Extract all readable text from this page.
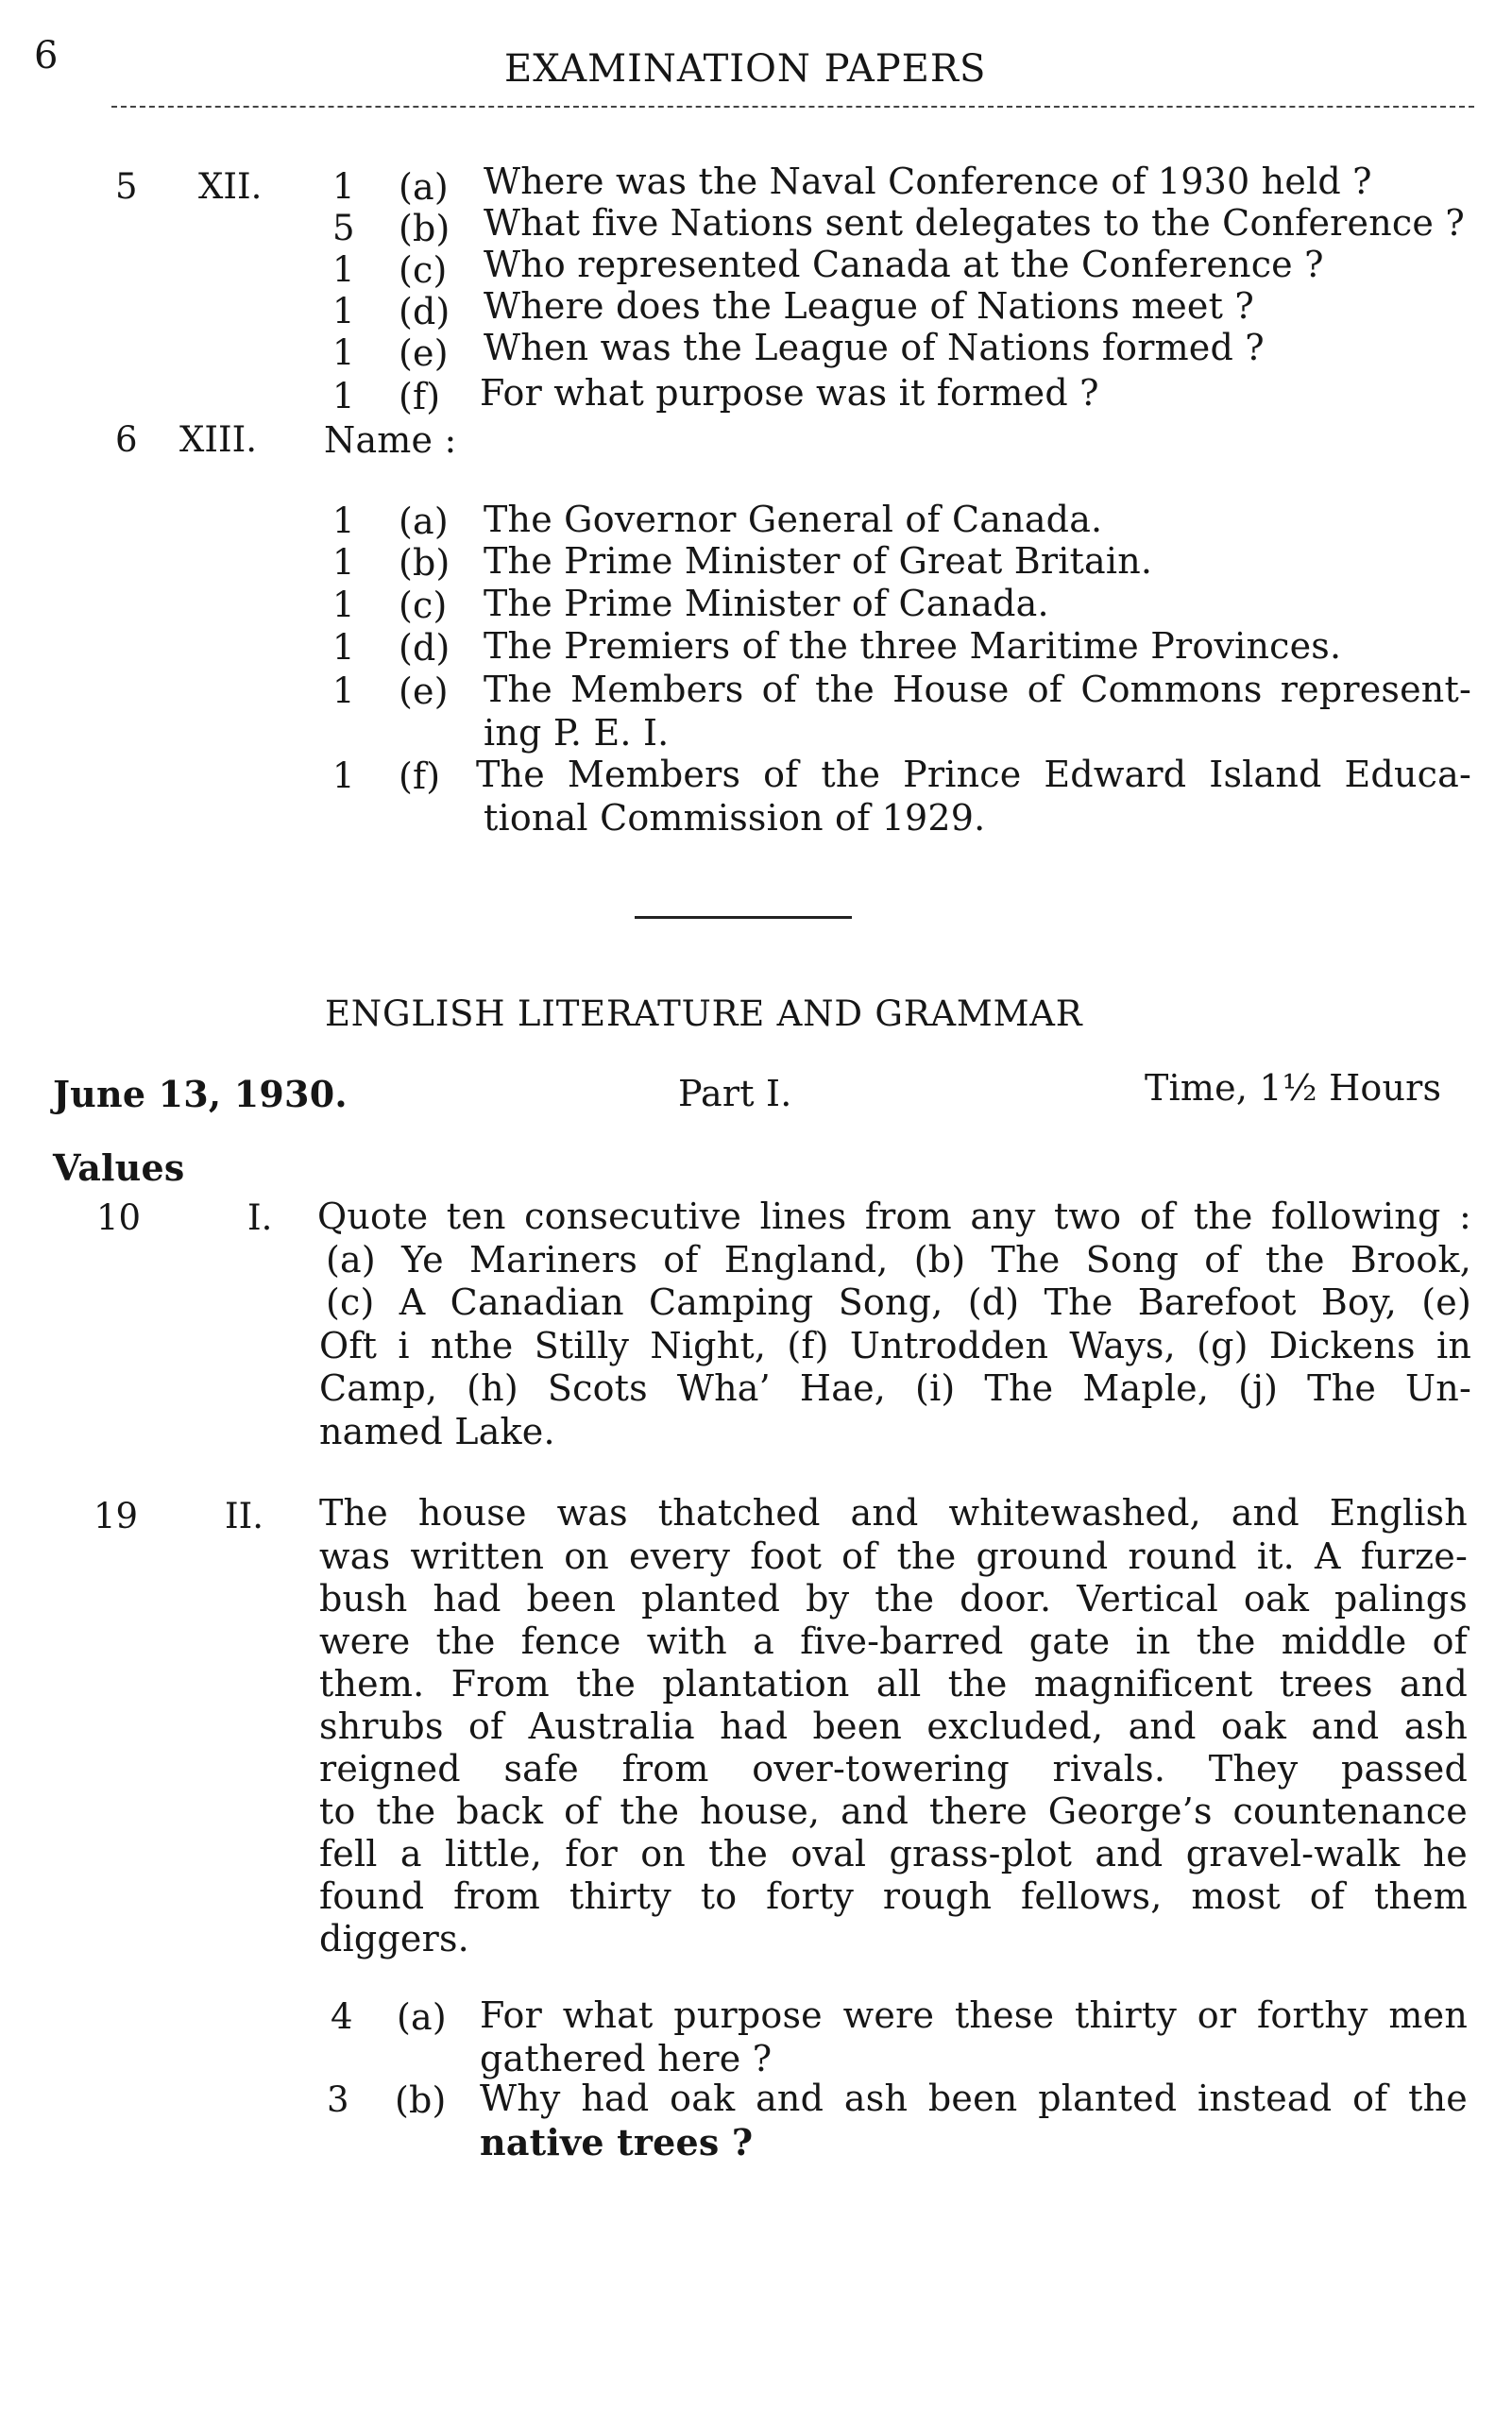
6	EXAMINATION PAPERS
5 XII. 1 (a) Where was the Naval Conference of 1930 held ?
5 (b) What five Nations sent delegates to the Conference ?
1 (c) Who represented Canada at the Conference ?
1 (d) Where does the League of Nations meet ?
1 (e) When was the League of Nations formed ?
1 (f) For what purpose was it formed ?
6 XIII. Name :
1 (a) The Governor General of Canada.
1 (b) The Prime Minister of Great Britain.
1 (c) The Prime Minister of Canada.
1 (d) The Premiers of the three Maritime Provinces.
1 (e) The Members of the House of Commons represent-
ing P. E. I.
1 (f) The Members of the Prince Edward Island Educa-
tional Commission of 1929.
ENGLISH LITERATURE AND GRAMMAR
June 13, 1930.	Part I.	Time, 1½ Hours
Values
10	I. Quote ten consecutive lines from any two of the following :
(a) Ye Mariners of England, (b) The Song of the Brook,
(c) A Canadian Camping Song, (d) The Barefoot Boy, (e)
Oft i nthe Stilly Night, (f) Untrodden Ways, (g) Dickens in
Camp, (h) Scots Wha’ Hae, (i) The Maple, (j) The Un-
named Lake.
19 II. The house was thatched and whitewashed, and English
was written on every foot of the ground round it. A furze-
bush had been planted by the door. Vertical oak palings
were the fence with a five-barred gate in the middle of
them. From the plantation all the magnificent trees and
shrubs of Australia had been excluded, and oak and ash
reigned safe from over-towering rivals. They passed
to the back of the house, and there George’s countenance
fell a little, for on the oval grass-plot and gravel-walk he
found from thirty to forty rough fellows, most of them
diggers.
4 (a) For what purpose were these thirty or forthy men
gathered here ?
3 (b) Why had oak and ash been planted instead of the
native trees ?
